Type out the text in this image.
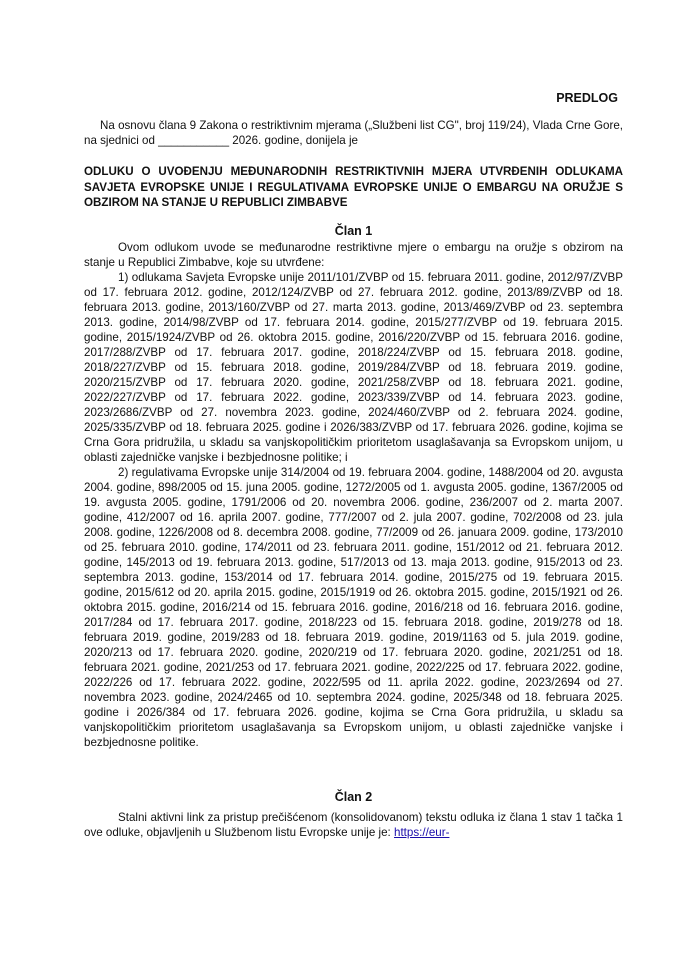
PREDLOG

Na osnovu člana 9 Zakona o restriktivnim mjerama („Službeni list CG", broj 119/24), Vlada Crne Gore, na sjednici od ___________ 2026. godine, donijela je

ODLUKU O UVOĐENJU MEĐUNARODNIH RESTRIKTIVNIH MJERA UTVRĐENIH ODLUKAMA SAVJETA EVROPSKE UNIJE I REGULATIVAMA EVROPSKE UNIJE O EMBARGU NA ORUŽJE S OBZIROM NA STANJE U REPUBLICI ZIMBABVE

Član 1

Ovom odlukom uvode se međunarodne restriktivne mjere o embargu na oružje s obzirom na stanje u Republici Zimbabve, koje su utvrđene:

1) odlukama Savjeta Evropske unije 2011/101/ZVBP od 15. februara 2011. godine, 2012/97/ZVBP od 17. februara 2012. godine, 2012/124/ZVBP od 27. februara 2012. godine, 2013/89/ZVBP od 18. februara 2013. godine, 2013/160/ZVBP od 27. marta 2013. godine, 2013/469/ZVBP od 23. septembra 2013. godine, 2014/98/ZVBP od 17. februara 2014. godine, 2015/277/ZVBP od 19. februara 2015. godine, 2015/1924/ZVBP od 26. oktobra 2015. godine, 2016/220/ZVBP od 15. februara 2016. godine, 2017/288/ZVBP od 17. februara 2017. godine, 2018/224/ZVBP od 15. februara 2018. godine, 2018/227/ZVBP od 15. februara 2018. godine, 2019/284/ZVBP od 18. februara 2019. godine, 2020/215/ZVBP od 17. februara 2020. godine, 2021/258/ZVBP od 18. februara 2021. godine, 2022/227/ZVBP od 17. februara 2022. godine, 2023/339/ZVBP od 14. februara 2023. godine, 2023/2686/ZVBP od 27. novembra 2023. godine, 2024/460/ZVBP od 2. februara 2024. godine, 2025/335/ZVBP od 18. februara 2025. godine i 2026/383/ZVBP od 17. februara 2026. godine, kojima se Crna Gora pridružila, u skladu sa vanjskopolitičkim prioritetom usaglašavanja sa Evropskom unijom, u oblasti zajedničke vanjske i bezbjednosne politike; i

2) regulativama Evropske unije 314/2004 od 19. februara 2004. godine, 1488/2004 od 20. avgusta 2004. godine, 898/2005 od 15. juna 2005. godine, 1272/2005 od 1. avgusta 2005. godine, 1367/2005 od 19. avgusta 2005. godine, 1791/2006 od 20. novembra 2006. godine, 236/2007 od 2. marta 2007. godine, 412/2007 od 16. aprila 2007. godine, 777/2007 od 2. jula 2007. godine, 702/2008 od 23. jula 2008. godine, 1226/2008 od 8. decembra 2008. godine, 77/2009 od 26. januara 2009. godine, 173/2010 od 25. februara 2010. godine, 174/2011 od 23. februara 2011. godine, 151/2012 od 21. februara 2012. godine, 145/2013 od 19. februara 2013. godine, 517/2013 od 13. maja 2013. godine, 915/2013 od 23. septembra 2013. godine, 153/2014 od 17. februara 2014. godine, 2015/275 od 19. februara 2015. godine, 2015/612 od 20. aprila 2015. godine, 2015/1919 od 26. oktobra 2015. godine, 2015/1921 od 26. oktobra 2015. godine, 2016/214 od 15. februara 2016. godine, 2016/218 od 16. februara 2016. godine, 2017/284 od 17. februara 2017. godine, 2018/223 od 15. februara 2018. godine, 2019/278 od 18. februara 2019. godine, 2019/283 od 18. februara 2019. godine, 2019/1163 od 5. jula 2019. godine, 2020/213 od 17. februara 2020. godine, 2020/219 od 17. februara 2020. godine, 2021/251 od 18. februara 2021. godine, 2021/253 od 17. februara 2021. godine, 2022/225 od 17. februara 2022. godine, 2022/226 od 17. februara 2022. godine, 2022/595 od 11. aprila 2022. godine, 2023/2694 od 27. novembra 2023. godine, 2024/2465 od 10. septembra 2024. godine, 2025/348 od 18. februara 2025. godine i 2026/384 od 17. februara 2026. godine, kojima se Crna Gora pridružila, u skladu sa vanjskopolitičkim prioritetom usaglašavanja sa Evropskom unijom, u oblasti zajedničke vanjske i bezbjednosne politike.

Član 2

Stalni aktivni link za pristup prečišćenom (konsolidovanom) tekstu odluka iz člana 1 stav 1 tačka 1 ove odluke, objavljenih u Službenom listu Evropske unije je: https://eur-
